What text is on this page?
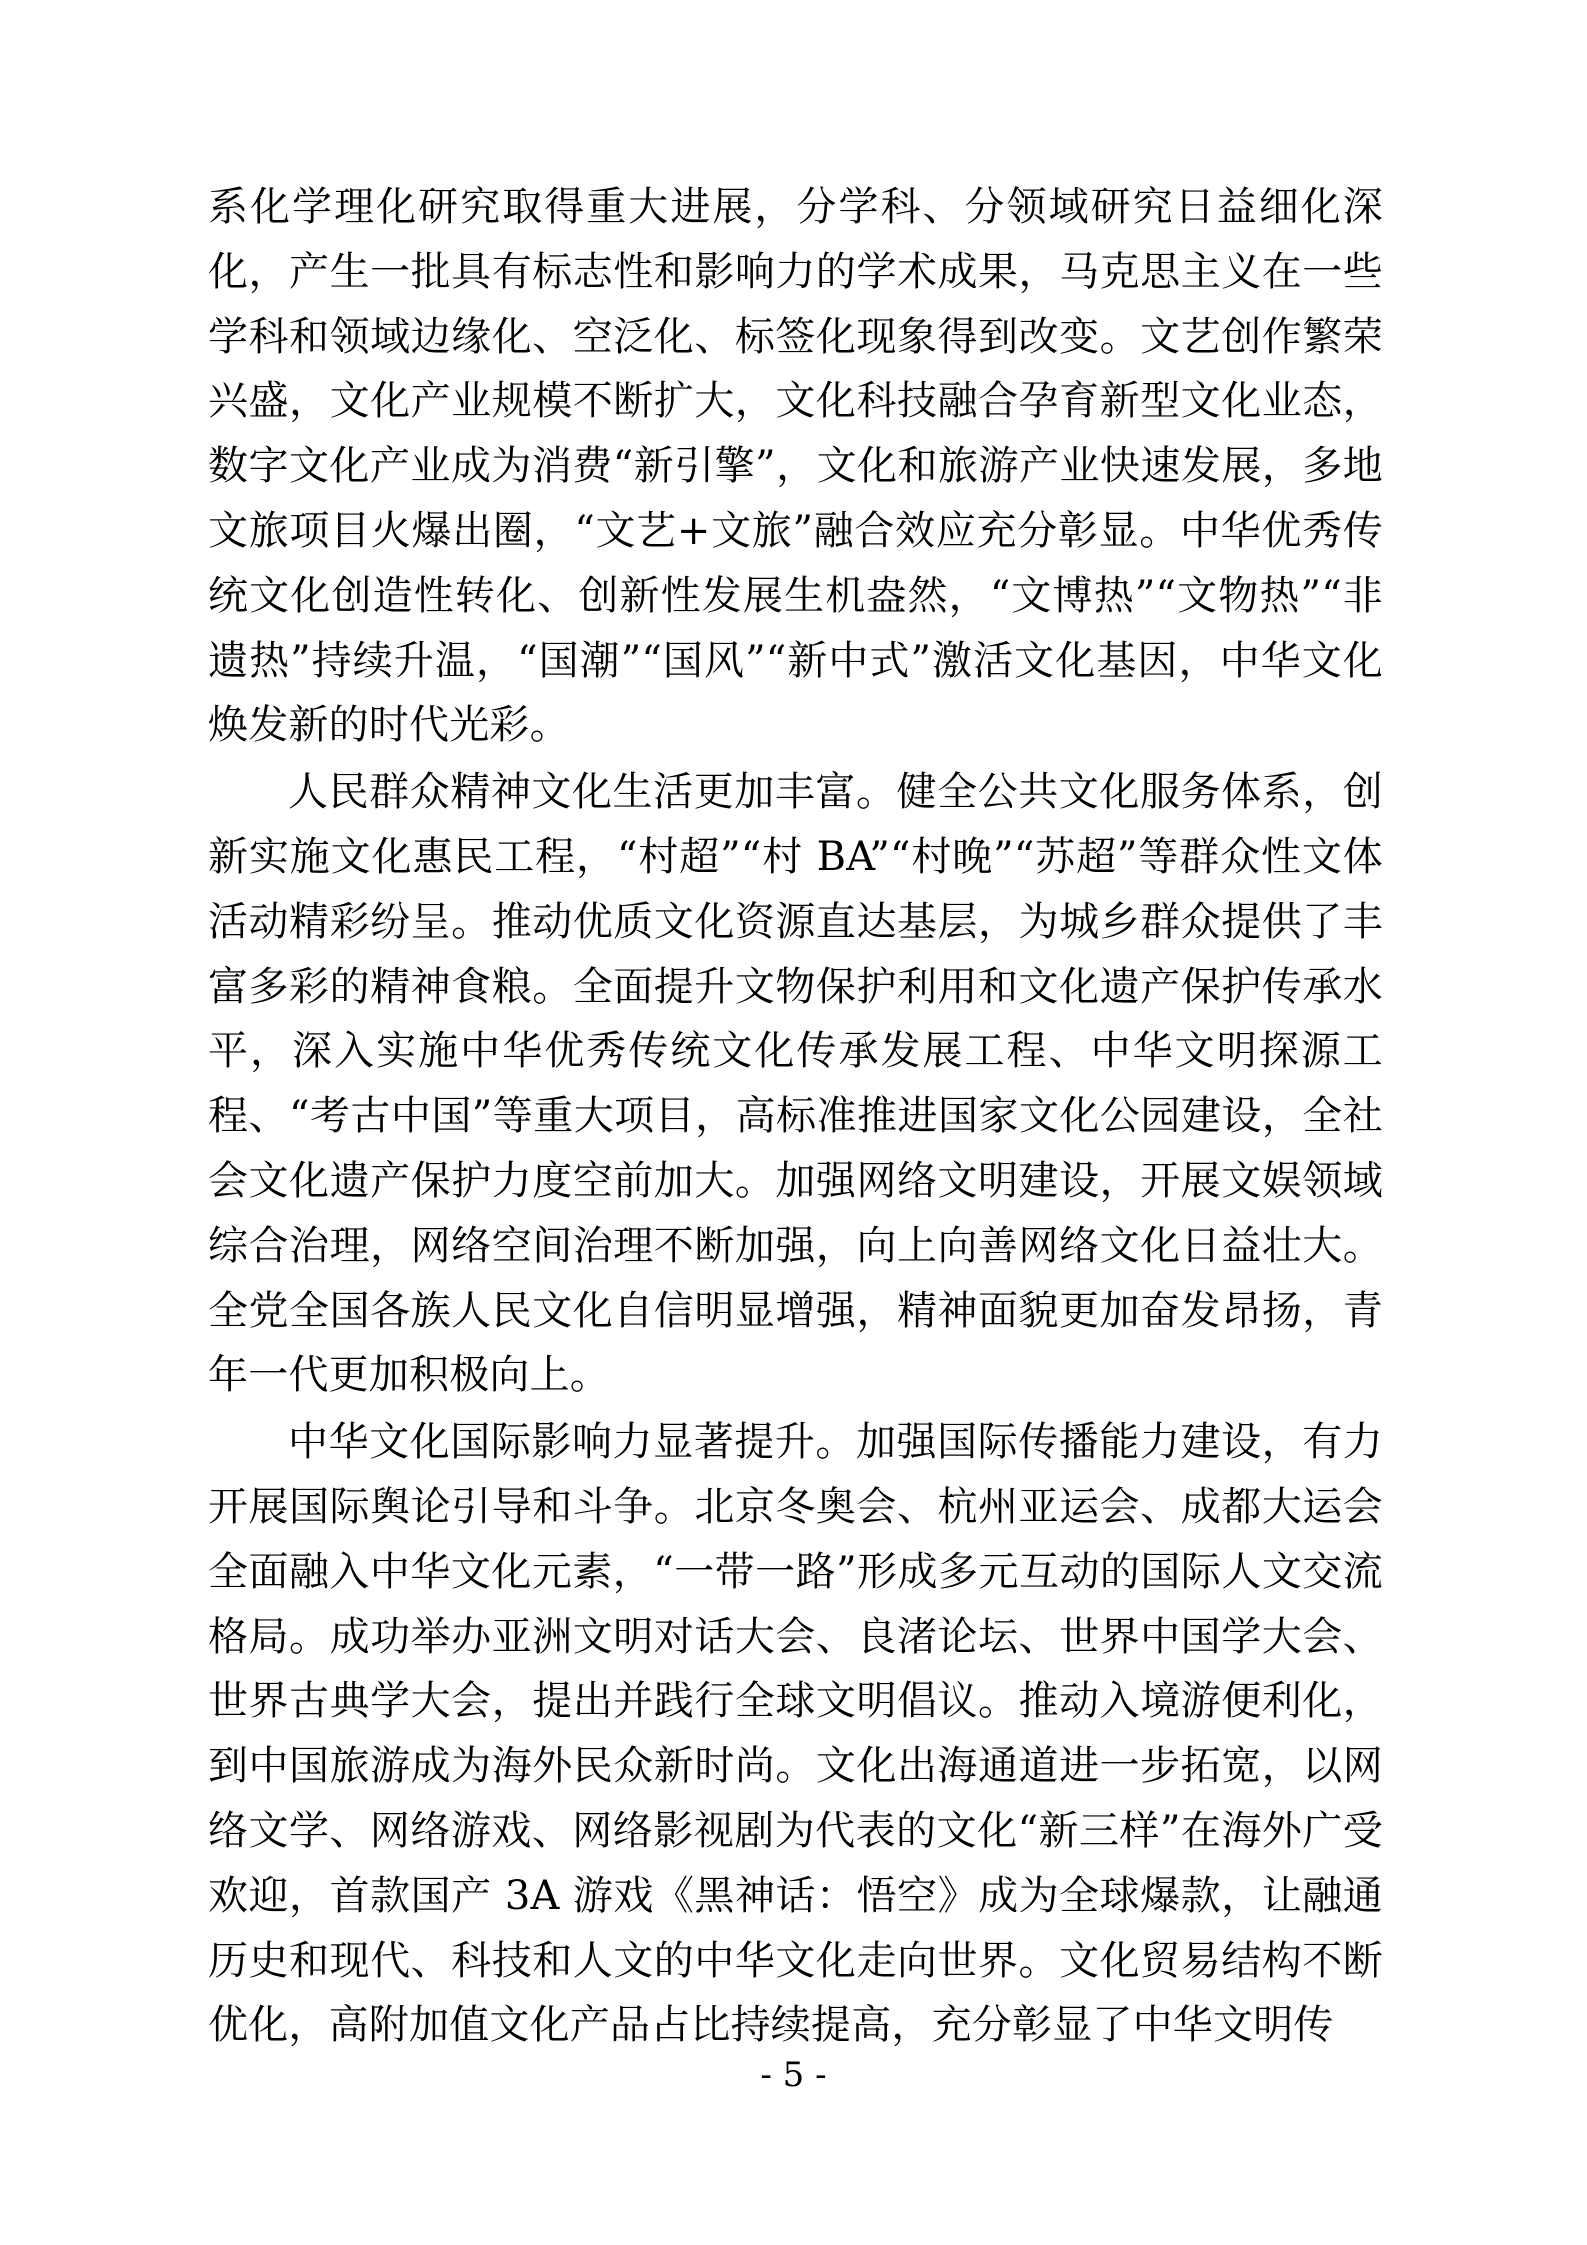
系化学理化研究取得重大进展，分学科、分领域研究日益细化深化，产生一批具有标志性和影响力的学术成果，马克思主义在一些学科和领域边缘化、空泛化、标签化现象得到改变。文艺创作繁荣兴盛，文化产业规模不断扩大，文化科技融合孕育新型文化业态，数字文化产业成为消费“新引擎”，文化和旅游产业快速发展，多地文旅项目火爆出圈，“文艺+文旅”融合效应充分彰显。中华优秀传统文化创造性转化、创新性发展生机盎然，“文博热”“文物热”“非遗热”持续升温，“国潮”“国风”“新中式”激活文化基因，中华文化焕发新的时代光彩。

人民群众精神文化生活更加丰富。健全公共文化服务体系，创新实施文化惠民工程，“村超”“村 BA”“村晚”“苏超”等群众性文体活动精彩纷呈。推动优质文化资源直达基层，为城乡群众提供了丰富多彩的精神食粮。全面提升文物保护利用和文化遗产保护传承水平，深入实施中华优秀传统文化传承发展工程、中华文明探源工程、“考古中国”等重大项目，高标准推进国家文化公园建设，全社会文化遗产保护力度空前加大。加强网络文明建设，开展文娱领域综合治理，网络空间治理不断加强，向上向善网络文化日益壮大。全党全国各族人民文化自信明显增强，精神面貌更加奋发昂扬，青年一代更加积极向上。

中华文化国际影响力显著提升。加强国际传播能力建设，有力开展国际舆论引导和斗争。北京冬奥会、杭州亚运会、成都大运会全面融入中华文化元素，“一带一路”形成多元互动的国际人文交流格局。成功举办亚洲文明对话大会、良渚论坛、世界中国学大会、世界古典学大会，提出并践行全球文明倡议。推动入境游便利化，到中国旅游成为海外民众新时尚。文化出海通道进一步拓宽，以网络文学、网络游戏、网络影视剧为代表的文化“新三样”在海外广受欢迎，首款国产 3A 游戏《黑神话：悟空》成为全球爆款，让融通历史和现代、科技和人文的中华文化走向世界。文化贸易结构不断优化，高附加值文化产品占比持续提高，充分彰显了中华文明传

- 5 -
